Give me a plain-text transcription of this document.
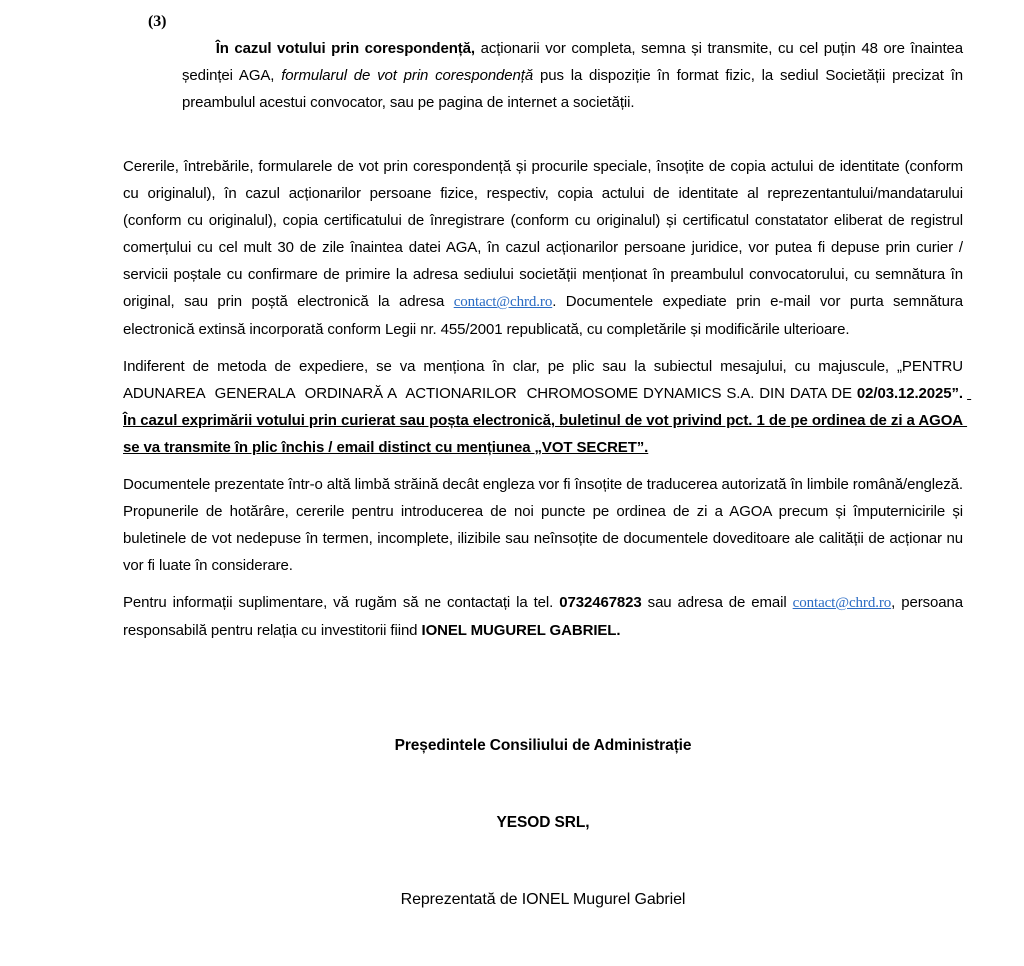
(3)
În cazul votului prin corespondență, acționarii vor completa, semna și transmite, cu cel puțin 48 ore înaintea ședinței AGA, formularul de vot prin corespondență pus la dispoziție în format fizic, la sediul Societății precizat în preambulul acestui convocator, sau pe pagina de internet a societății.

Cererile, întrebările, formularele de vot prin corespondență și procurile speciale, însoțite de copia actului de identitate (conform cu originalul), în cazul acționarilor persoane fizice, respectiv, copia actului de identitate al reprezentantului/mandatarului (conform cu originalul), copia certificatului de înregistrare (conform cu originalul) și certificatul constatator eliberat de registrul comerțului cu cel mult 30 de zile înaintea datei AGA, în cazul acționarilor persoane juridice, vor putea fi depuse prin curier / servicii poștale cu confirmare de primire la adresa sediului societății menționat în preambulul convocatorului, cu semnătura în original, sau prin poștă electronică la adresa contact@chrd.ro. Documentele expediate prin e-mail vor purta semnătura electronică extinsă incorporată conform Legii nr. 455/2001 republicată, cu completările și modificările ulterioare.
Indiferent de metoda de expediere, se va menționa în clar, pe plic sau la subiectul mesajului, cu majuscule, „PENTRU ADUNAREA  GENERALA  ORDINARĂ A  ACTIONARILOR  CHROMOSOME DYNAMICS S.A. DIN DATA DE 02/03.12.2025”.  În cazul exprimării votului prin curierat sau poșta electronică, buletinul de vot privind pct. 1 de pe ordinea de zi a AGOA se va transmite în plic închis / email distinct cu mențiunea „VOT SECRET”.
Documentele prezentate într-o altă limbă străină decât engleza vor fi însoțite de traducerea autorizată în limbile română/engleză. Propunerile de hotărâre, cererile pentru introducerea de noi puncte pe ordinea de zi a AGOA precum și împuternicirile și buletinele de vot nedepuse în termen, incomplete, ilizibile sau neînsoțite de documentele doveditoare ale calității de acționar nu vor fi luate în considerare.
Pentru informații suplimentare, vă rugăm să ne contactați la tel. 0732467823 sau adresa de email contact@chrd.ro, persoana responsabilă pentru relația cu investitorii fiind IONEL MUGUREL GABRIEL.

Președintele Consiliului de Administrație

YESOD SRL,

Reprezentată de IONEL Mugurel Gabriel
